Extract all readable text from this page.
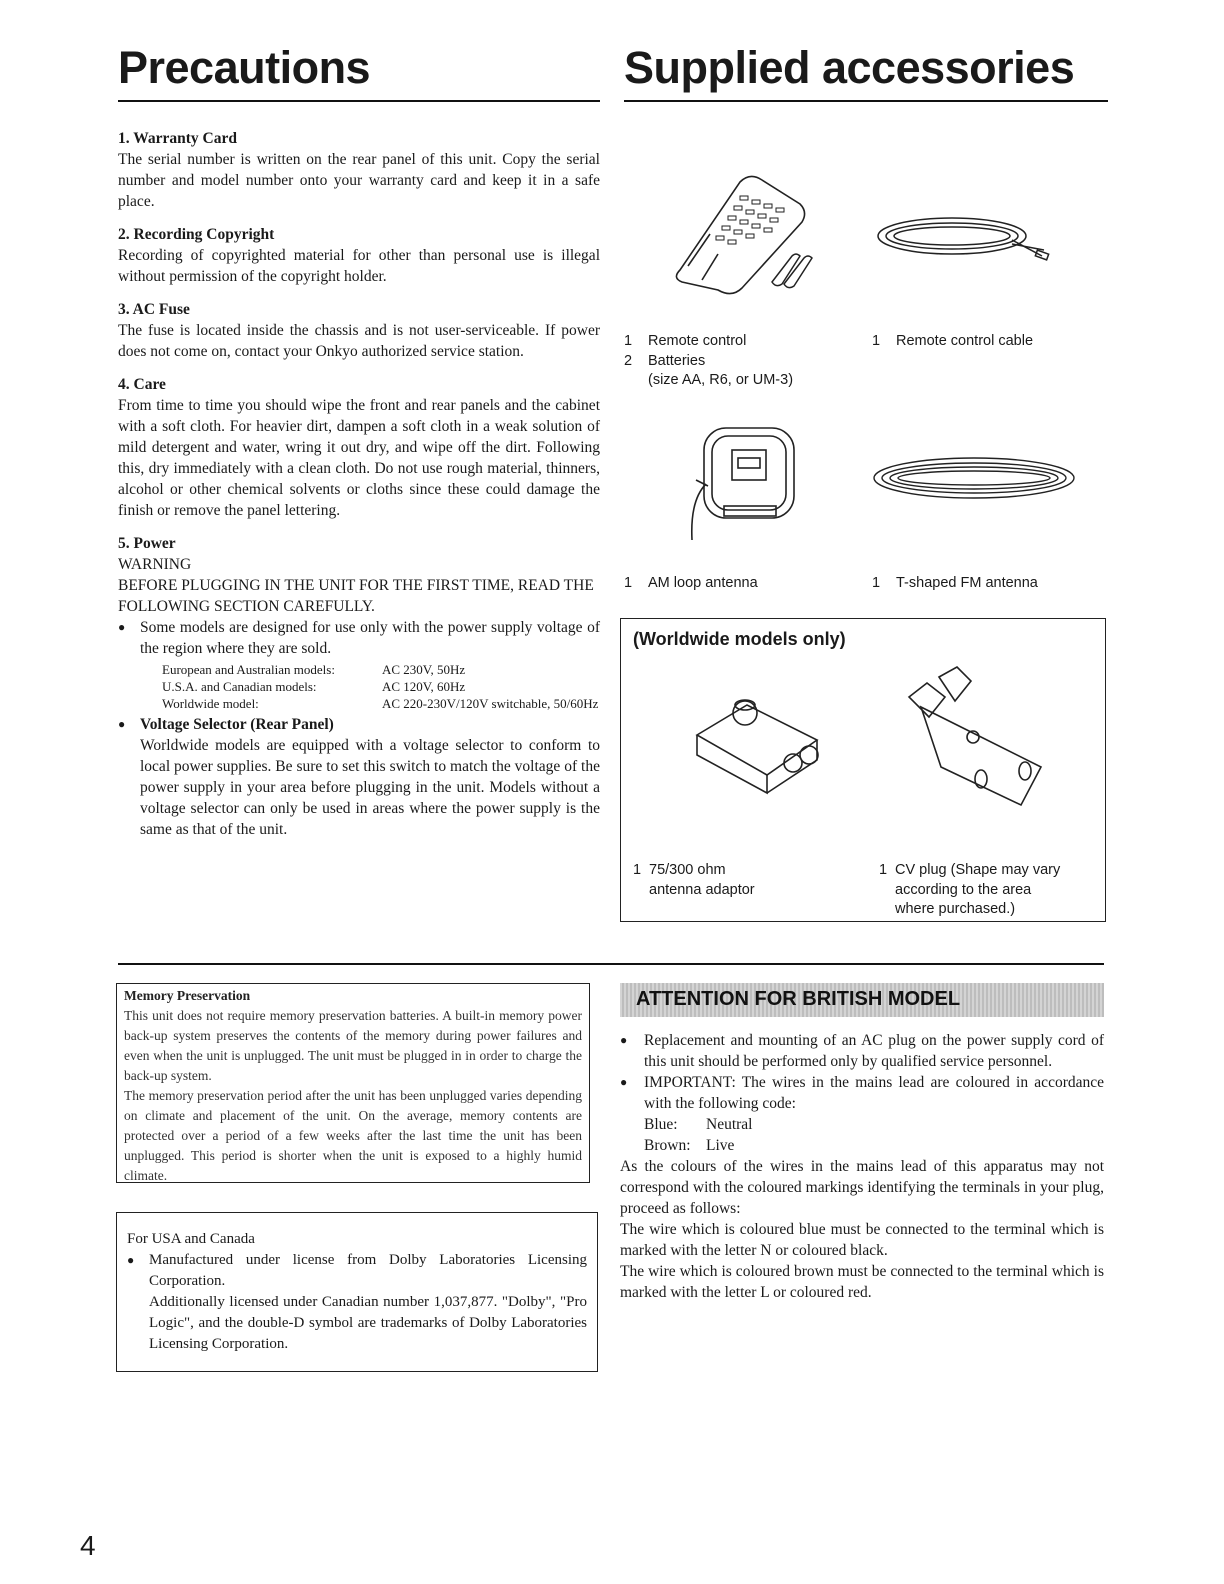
Precautions	Supplied accessories
1. Warranty Card
The serial number is written on the rear panel of this unit. Copy the serial number and model number onto your warranty card and keep it in a safe place.
2. Recording Copyright
Recording of copyrighted material for other than personal use is illegal without permission of the copyright holder.
3. AC Fuse
The fuse is located inside the chassis and is not user-serviceable. If power does not come on, contact your Onkyo authorized service station.
4. Care
From time to time you should wipe the front and rear panels and the cabinet with a soft cloth. For heavier dirt, dampen a soft cloth in a weak solution of mild detergent and water, wring it out dry, and wipe off the dirt. Following this, dry immediately with a clean cloth. Do not use rough material, thinners, alcohol or other chemical solvents or cloths since these could damage the finish or remove the panel lettering.
5. Power
WARNING
BEFORE PLUGGING IN THE UNIT FOR THE FIRST TIME, READ THE FOLLOWING SECTION CAREFULLY.
● Some models are designed for use only with the power supply voltage of the region where they are sold.
European and Australian models:	AC 230V, 50Hz
U.S.A. and Canadian models:	AC 120V, 60Hz
Worldwide model:	AC 220-230V/120V switchable, 50/60Hz
● Voltage Selector (Rear Panel)
Worldwide models are equipped with a voltage selector to conform to local power supplies. Be sure to set this switch to match the voltage of the power supply in your area before plugging in the unit. Models without a voltage selector can only be used in areas where the power supply is the same as that of the unit.
1 Remote control
2 Batteries
(size AA, R6, or UM-3)
1 Remote control cable
1 AM loop antenna	1 T-shaped FM antenna
(Worldwide models only)
1 75/300 ohm
antenna adaptor
1 CV plug (Shape may vary
according to the area
where purchased.)
Memory Preservation
This unit does not require memory preservation batteries. A built-in memory power back-up system preserves the contents of the memory during power failures and even when the unit is unplugged. The unit must be plugged in in order to charge the back-up system.
The memory preservation period after the unit has been unplugged varies depending on climate and placement of the unit. On the average, memory contents are protected over a period of a few weeks after the last time the unit has been unplugged. This period is shorter when the unit is exposed to a highly humid climate.
For USA and Canada
● Manufactured under license from Dolby Laboratories Licensing Corporation.
Additionally licensed under Canadian number 1,037,877. "Dolby", "Pro Logic", and the double-D symbol are trademarks of Dolby Laboratories Licensing Corporation.
ATTENTION FOR BRITISH MODEL
● Replacement and mounting of an AC plug on the power supply cord of this unit should be performed only by qualified service personnel.
● IMPORTANT: The wires in the mains lead are coloured in accordance with the following code:
Blue: Neutral
Brown: Live
As the colours of the wires in the mains lead of this apparatus may not correspond with the coloured markings identifying the terminals in your plug, proceed as follows:
The wire which is coloured blue must be connected to the terminal which is marked with the letter N or coloured black.
The wire which is coloured brown must be connected to the terminal which is marked with the letter L or coloured red.
4
